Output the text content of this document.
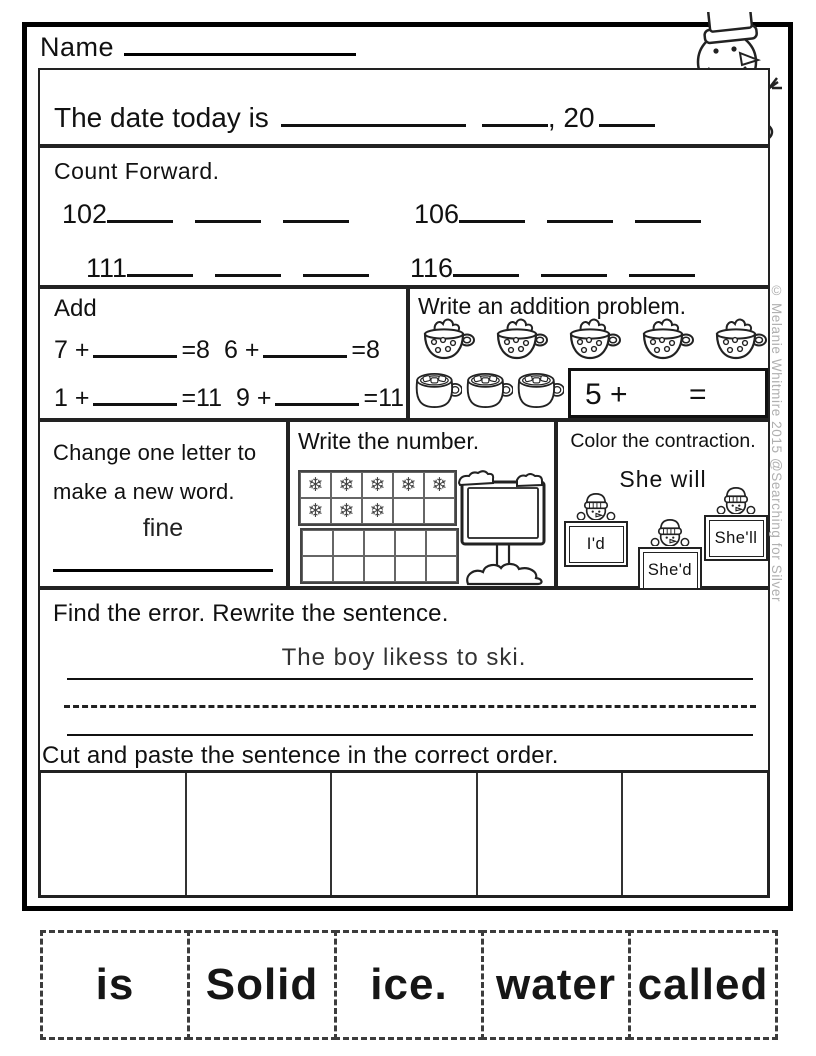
Name
The date today is	, 20
Count Forward.
102	106
111	116
Add
7 +	=8 6 +	=8
1 +	=11 9 +	=11
Write an addition problem.
5 + =
Change one letter to
make a new word.
fine
Write the number.
❄ ❄ ❄ ❄ ❄
❄ ❄ ❄
Color the contraction.
She will
I'd
She'd
She'll
Find the error. Rewrite the sentence.
The boy likess to ski.
Cut and paste the sentence in the correct order.
is Solid ice. water called
© Melanie Whitmire 2015 @Searching for Silver
